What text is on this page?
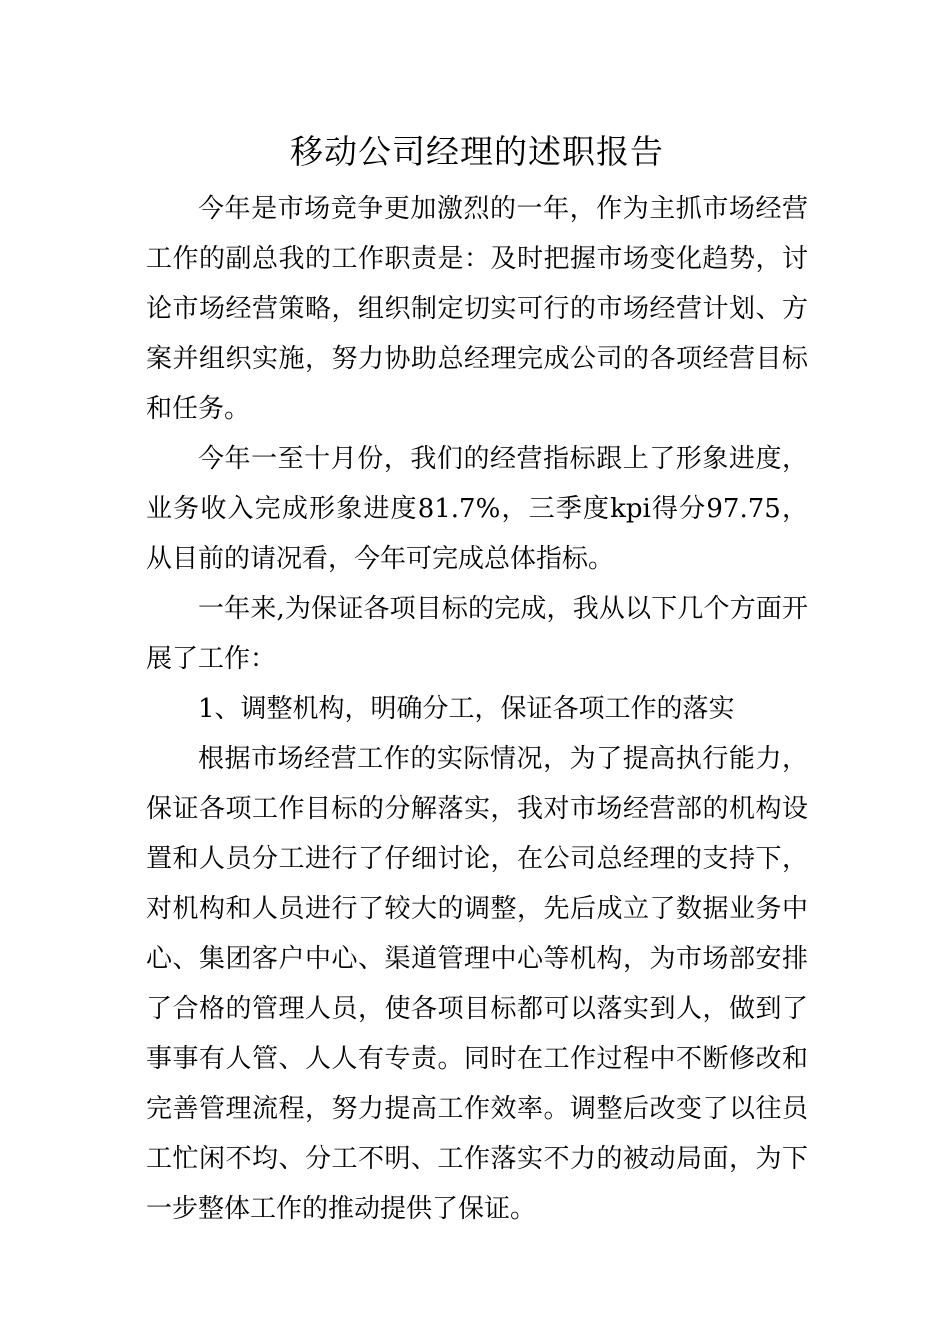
移动公司经理的述职报告

今年是市场竞争更加激烈的一年，作为主抓市场经营工作的副总我的工作职责是：及时把握市场变化趋势，讨论市场经营策略，组织制定切实可行的市场经营计划、方案并组织实施，努力协助总经理完成公司的各项经营目标和任务。

今年一至十月份，我们的经营指标跟上了形象进度，业务收入完成形象进度81.7%，三季度kpi得分97.75，从目前的请况看，今年可完成总体指标。

一年来,为保证各项目标的完成，我从以下几个方面开展了工作：

1、调整机构，明确分工，保证各项工作的落实

根据市场经营工作的实际情况，为了提高执行能力，保证各项工作目标的分解落实，我对市场经营部的机构设置和人员分工进行了仔细讨论，在公司总经理的支持下，对机构和人员进行了较大的调整，先后成立了数据业务中心、集团客户中心、渠道管理中心等机构，为市场部安排了合格的管理人员，使各项目标都可以落实到人，做到了事事有人管、人人有专责。同时在工作过程中不断修改和完善管理流程，努力提高工作效率。调整后改变了以往员工忙闲不均、分工不明、工作落实不力的被动局面，为下一步整体工作的推动提供了保证。
